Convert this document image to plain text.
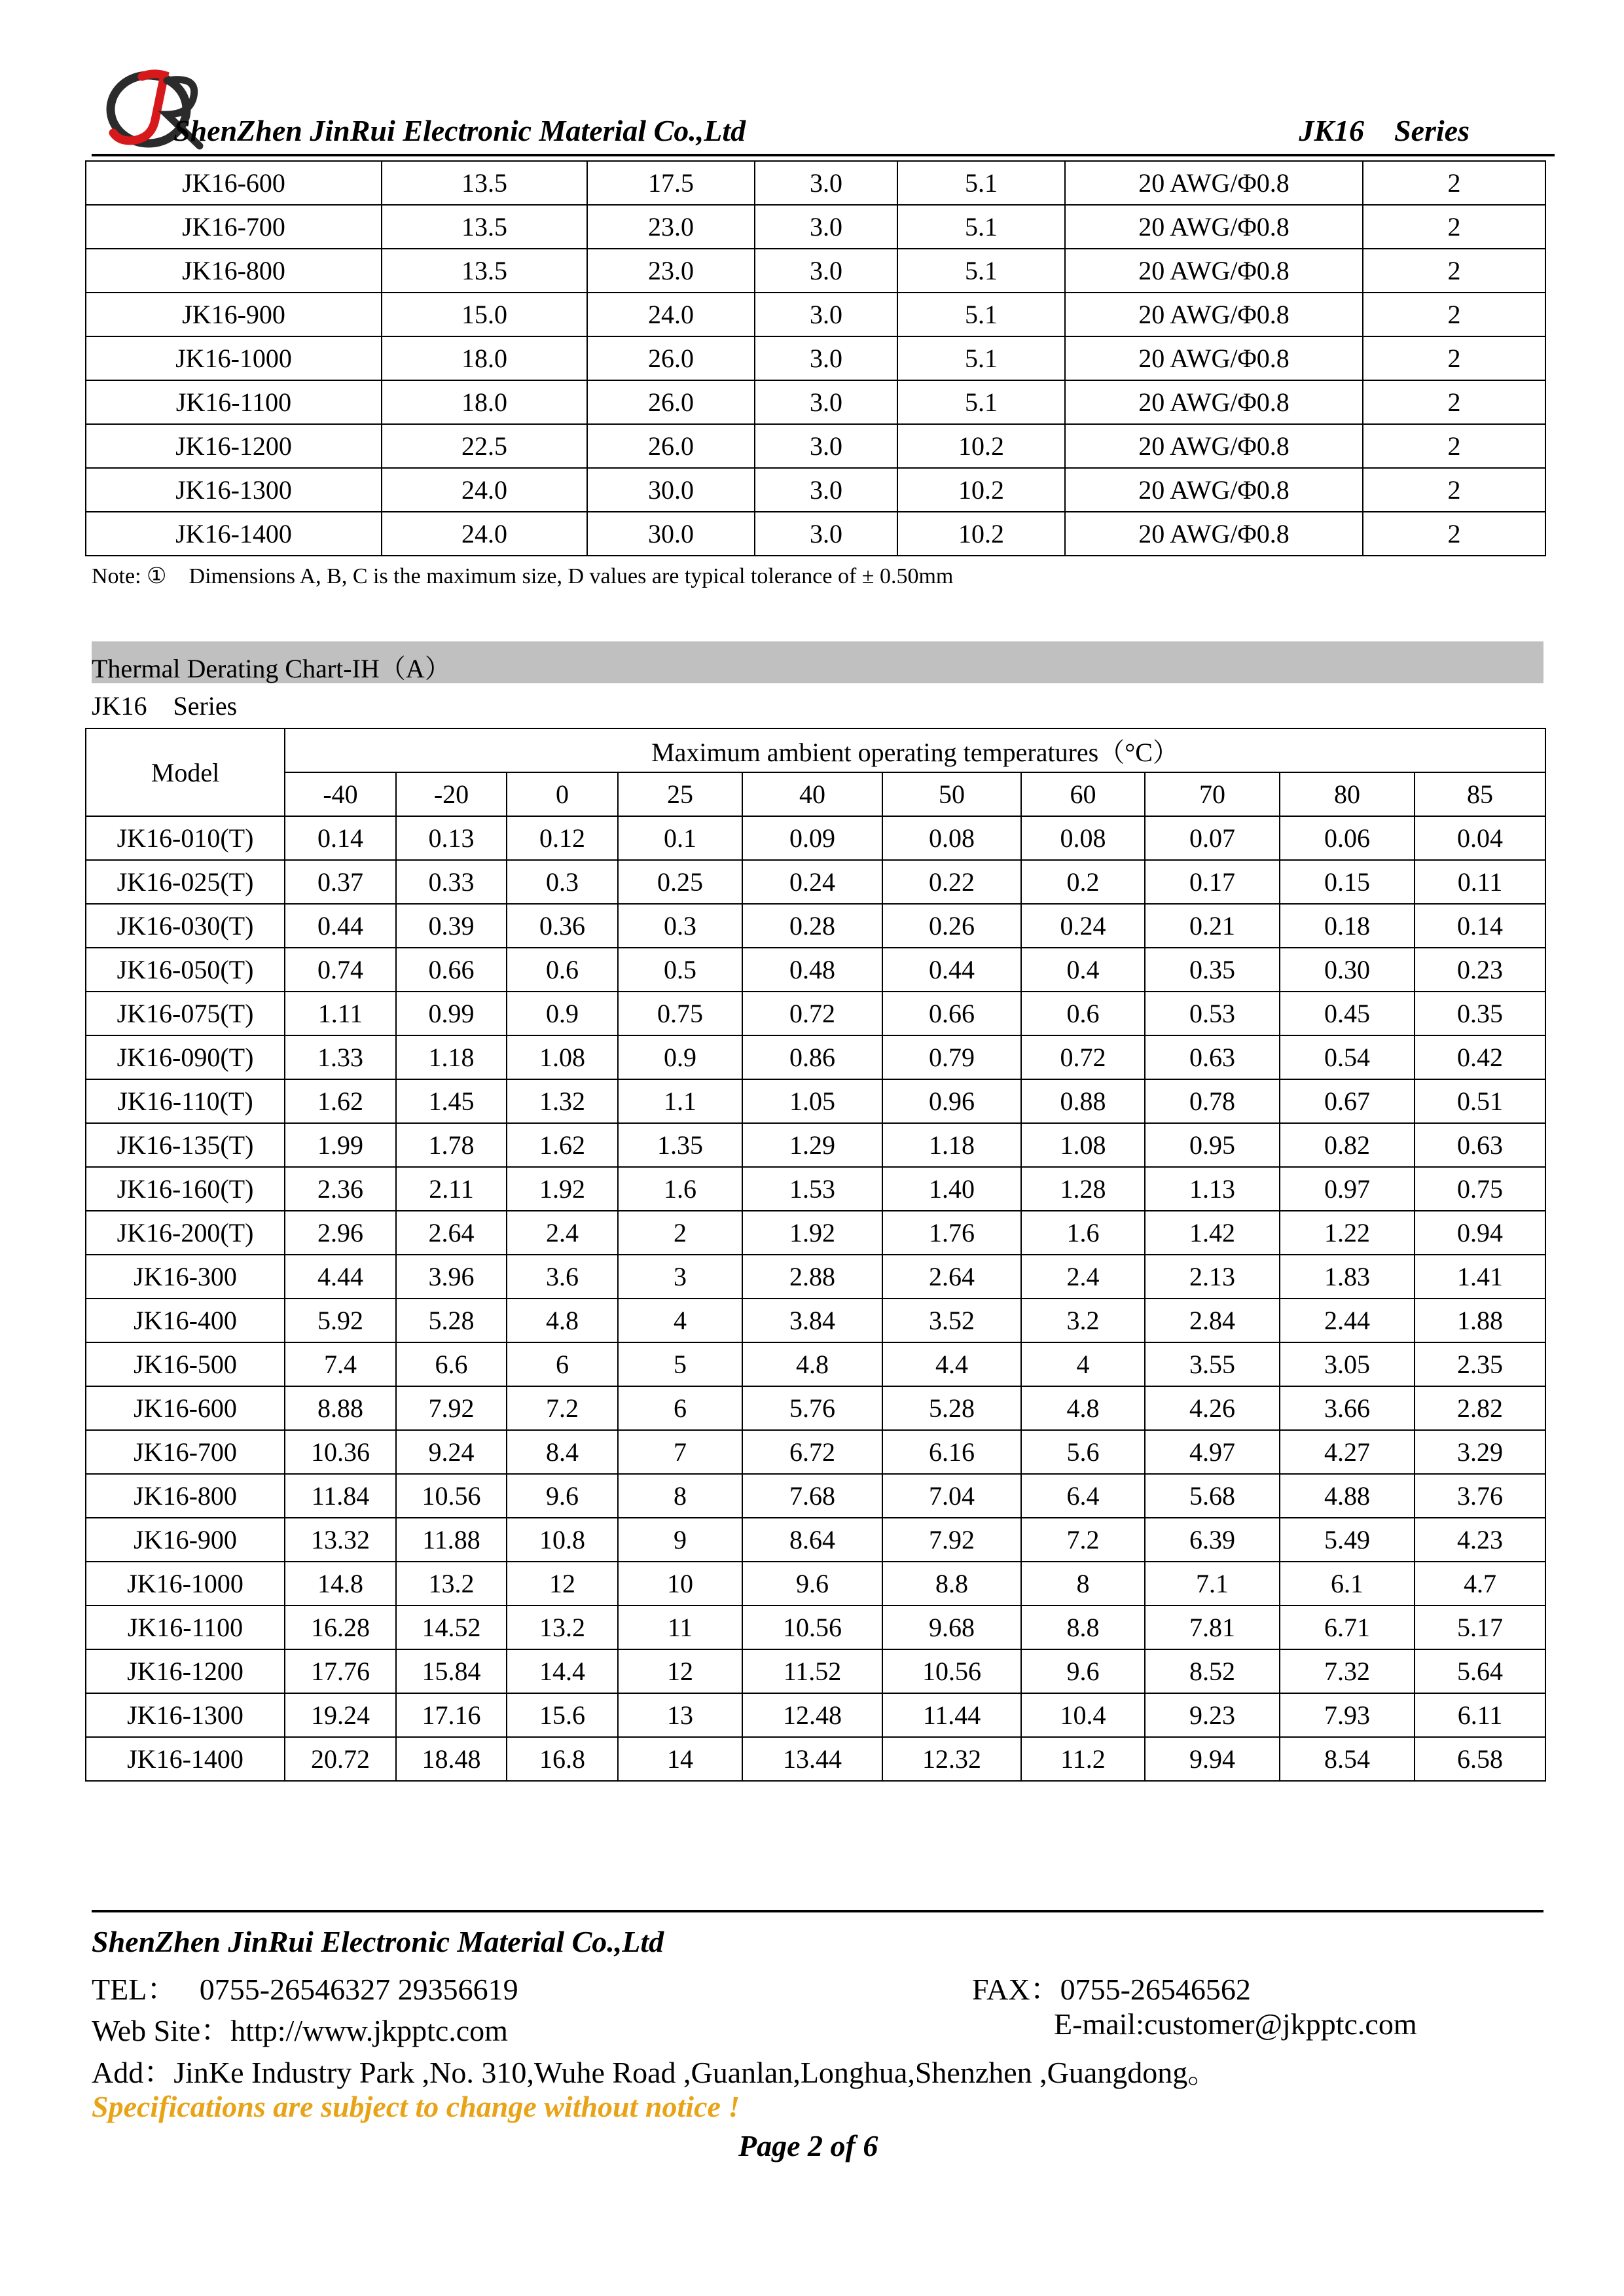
ShenZhen JinRui Electronic Material Co.,Ltd	JK16    Series
JK16-600	13.5	17.5	3.0	5.1	20 AWG/Φ0.8	2
JK16-700	13.5	23.0	3.0	5.1	20 AWG/Φ0.8	2
JK16-800	13.5	23.0	3.0	5.1	20 AWG/Φ0.8	2
JK16-900	15.0	24.0	3.0	5.1	20 AWG/Φ0.8	2
JK16-1000	18.0	26.0	3.0	5.1	20 AWG/Φ0.8	2
JK16-1100	18.0	26.0	3.0	5.1	20 AWG/Φ0.8	2
JK16-1200	22.5	26.0	3.0	10.2	20 AWG/Φ0.8	2
JK16-1300	24.0	30.0	3.0	10.2	20 AWG/Φ0.8	2
JK16-1400	24.0	30.0	3.0	10.2	20 AWG/Φ0.8	2
Note: ①    Dimensions A, B, C is the maximum size, D values are typical tolerance of ± 0.50mm
Thermal Derating Chart-IH（A）
JK16    Series
Model	Maximum ambient operating temperatures（°C）									
	-40	-20	0	25	40	50	60	70	80	85
JK16-010(T)	0.14	0.13	0.12	0.1	0.09	0.08	0.08	0.07	0.06	0.04
JK16-025(T)	0.37	0.33	0.3	0.25	0.24	0.22	0.2	0.17	0.15	0.11
JK16-030(T)	0.44	0.39	0.36	0.3	0.28	0.26	0.24	0.21	0.18	0.14
JK16-050(T)	0.74	0.66	0.6	0.5	0.48	0.44	0.4	0.35	0.30	0.23
JK16-075(T)	1.11	0.99	0.9	0.75	0.72	0.66	0.6	0.53	0.45	0.35
JK16-090(T)	1.33	1.18	1.08	0.9	0.86	0.79	0.72	0.63	0.54	0.42
JK16-110(T)	1.62	1.45	1.32	1.1	1.05	0.96	0.88	0.78	0.67	0.51
JK16-135(T)	1.99	1.78	1.62	1.35	1.29	1.18	1.08	0.95	0.82	0.63
JK16-160(T)	2.36	2.11	1.92	1.6	1.53	1.40	1.28	1.13	0.97	0.75
JK16-200(T)	2.96	2.64	2.4	2	1.92	1.76	1.6	1.42	1.22	0.94
JK16-300	4.44	3.96	3.6	3	2.88	2.64	2.4	2.13	1.83	1.41
JK16-400	5.92	5.28	4.8	4	3.84	3.52	3.2	2.84	2.44	1.88
JK16-500	7.4	6.6	6	5	4.8	4.4	4	3.55	3.05	2.35
JK16-600	8.88	7.92	7.2	6	5.76	5.28	4.8	4.26	3.66	2.82
JK16-700	10.36	9.24	8.4	7	6.72	6.16	5.6	4.97	4.27	3.29
JK16-800	11.84	10.56	9.6	8	7.68	7.04	6.4	5.68	4.88	3.76
JK16-900	13.32	11.88	10.8	9	8.64	7.92	7.2	6.39	5.49	4.23
JK16-1000	14.8	13.2	12	10	9.6	8.8	8	7.1	6.1	4.7
JK16-1100	16.28	14.52	13.2	11	10.56	9.68	8.8	7.81	6.71	5.17
JK16-1200	17.76	15.84	14.4	12	11.52	10.56	9.6	8.52	7.32	5.64
JK16-1300	19.24	17.16	15.6	13	12.48	11.44	10.4	9.23	7.93	6.11
JK16-1400	20.72	18.48	16.8	14	13.44	12.32	11.2	9.94	8.54	6.58
ShenZhen JinRui Electronic Material Co.,Ltd
TEL：   0755-26546327 29356619	FAX：0755-26546562
Web Site：http://www.jkpptc.com	E-mail:customer@jkpptc.com
Add：JinKe Industry Park ,No. 310,Wuhe Road ,Guanlan,Longhua,Shenzhen ,Guangdong。
Specifications are subject to change without notice !
Page 2 of 6
